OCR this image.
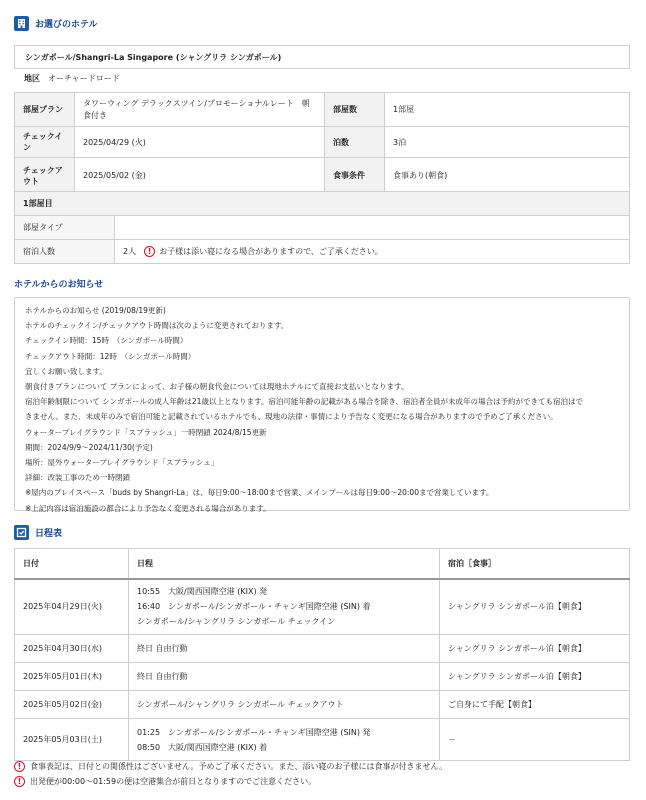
お選びのホテル
シンガポール/Shangri-La Singapore (シャングリラ シンガポール)
地区 オーチャードロード
部屋プラン	タワーウィング デラックスツイン/プロモーショナルレート　朝食付き	部屋数	1部屋
チェックイン	2025/04/29 (火)	泊数	3泊
チェックアウト	2025/05/02 (金)	食事条件	食事あり(朝食)
1部屋目	
部屋タイプ	
宿泊人数	2人 ! お子様は添い寝になる場合がありますので、ご了承ください。
ホテルからのお知らせ
ホテルからのお知らせ (2019/08/19更新)
ホテルのチェックイン/チェックアウト時間は次のように変更されております。
チェックイン時間：15時　（シンガポール時間）
チェックアウト時間：12時　（シンガポール時間）
宜しくお願い致します。
朝食付きプランについて プランによって、お子様の朝食代金については現地ホテルにて直接お支払いとなります。
宿泊年齢制限について シンガポールの成人年齢は21歳以上となります。宿泊可能年齢の記載がある場合を除き、宿泊者全員が未成年の場合は予約ができても宿泊はで
きません。また、未成年のみで宿泊可能と記載されているホテルでも、現地の法律・事情により予告なく変更になる場合がありますので予めご了承ください。
ウォータープレイグラウンド「スプラッシュ」一時閉鎖 2024/8/15更新
期間：2024/9/9～2024/11/30(予定)
場所：屋外ウォータープレイグラウンド「スプラッシュ」
詳細：改装工事のため一時閉鎖
※屋内のプレイスペース「buds by Shangri-La」は、毎日9:00～18:00まで営業、メインプールは毎日9:00～20:00まで営業しています。
※上記内容は宿泊施設の都合により予告なく変更される場合があります。
日程表
日付	日程	宿泊［食事］
2025年04月29日(火)	10:55　大阪/関西国際空港 (KIX) 発
16:40　シンガポール/シンガポール・チャンギ国際空港 (SIN) 着
シンガポール/シャングリラ シンガポール チェックイン	シャングリラ シンガポール泊【朝食】
2025年04月30日(水)	終日 自由行動	シャングリラ シンガポール泊【朝食】
2025年05月01日(木)	終日 自由行動	シャングリラ シンガポール泊【朝食】
2025年05月02日(金)	シンガポール/シャングリラ シンガポール チェックアウト	ご自身にて手配【朝食】
2025年05月03日(土)	01:25　シンガポール/シンガポール・チャンギ国際空港 (SIN) 発
08:50　大阪/関西国際空港 (KIX) 着	－
!	食事表記は、日付との関係性はございません。予めご了承ください。また、添い寝のお子様には食事が付きません。
!	出発便が00:00～01:59の便は空港集合が前日となりますのでご注意ください。
